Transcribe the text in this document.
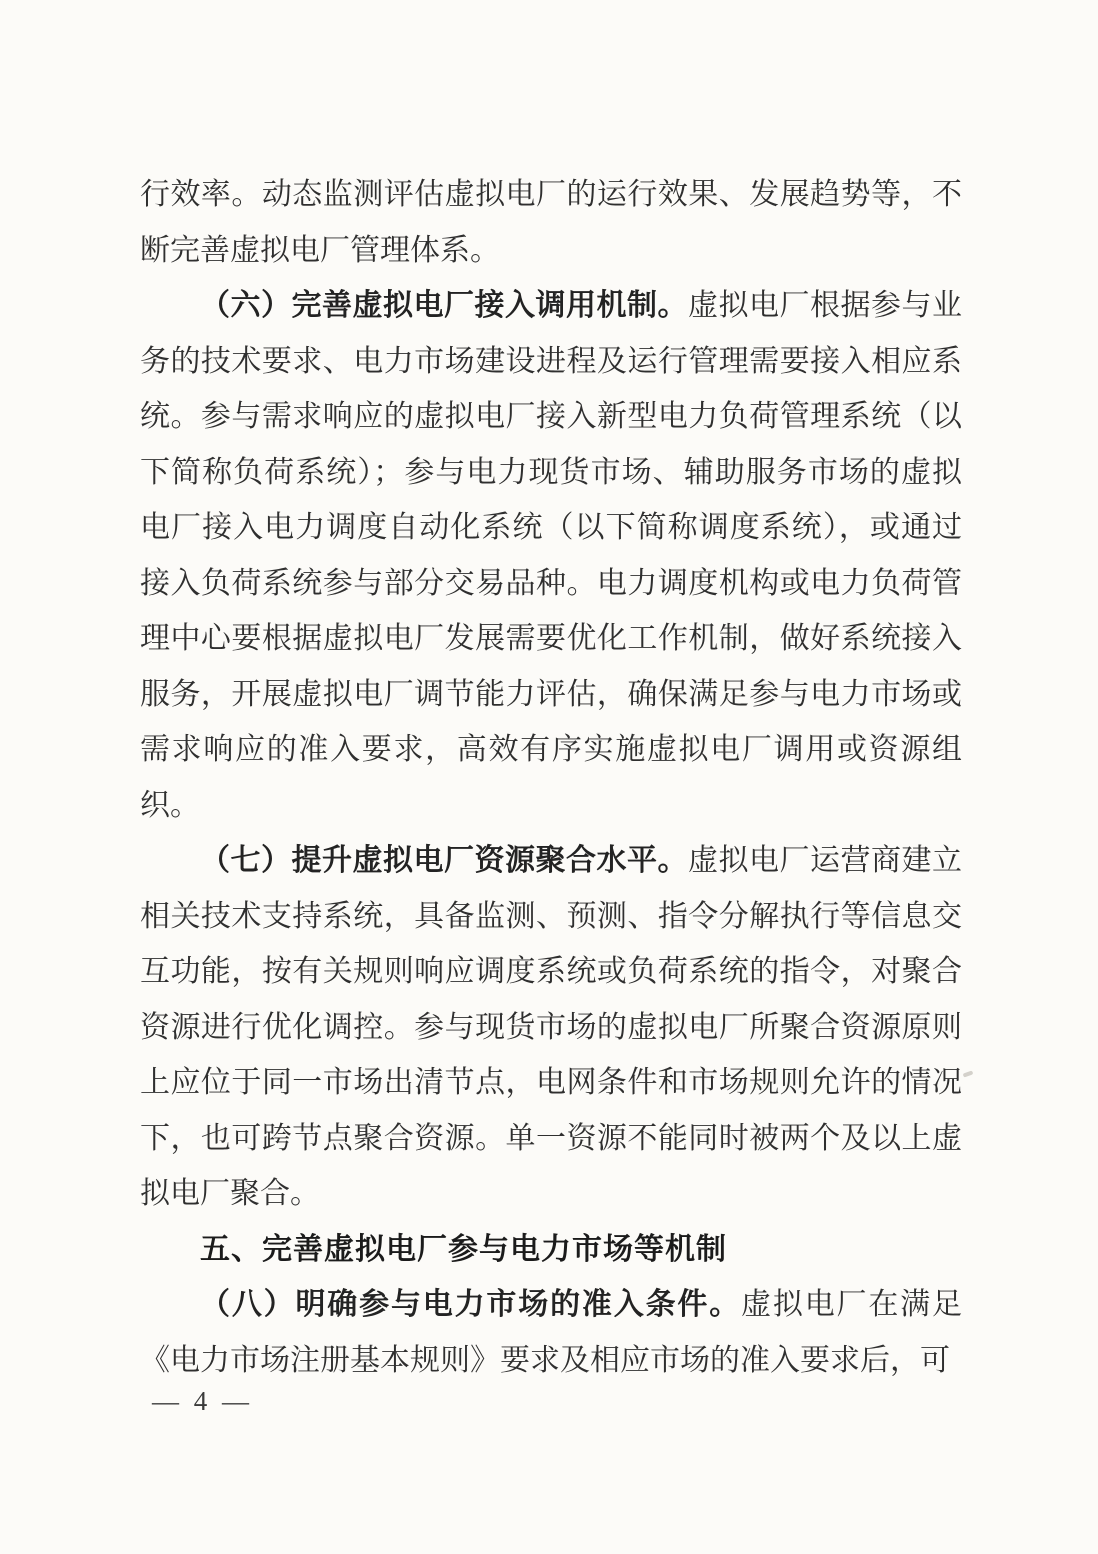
行效率。动态监测评估虚拟电厂的运行效果、发展趋势等，不断完善虚拟电厂管理体系。

（六）完善虚拟电厂接入调用机制。虚拟电厂根据参与业务的技术要求、电力市场建设进程及运行管理需要接入相应系统。参与需求响应的虚拟电厂接入新型电力负荷管理系统（以下简称负荷系统）；参与电力现货市场、辅助服务市场的虚拟电厂接入电力调度自动化系统（以下简称调度系统），或通过接入负荷系统参与部分交易品种。电力调度机构或电力负荷管理中心要根据虚拟电厂发展需要优化工作机制，做好系统接入服务，开展虚拟电厂调节能力评估，确保满足参与电力市场或需求响应的准入要求，高效有序实施虚拟电厂调用或资源组织。

（七）提升虚拟电厂资源聚合水平。虚拟电厂运营商建立相关技术支持系统，具备监测、预测、指令分解执行等信息交互功能，按有关规则响应调度系统或负荷系统的指令，对聚合资源进行优化调控。参与现货市场的虚拟电厂所聚合资源原则上应位于同一市场出清节点，电网条件和市场规则允许的情况下，也可跨节点聚合资源。单一资源不能同时被两个及以上虚拟电厂聚合。

五、完善虚拟电厂参与电力市场等机制

（八）明确参与电力市场的准入条件。虚拟电厂在满足《电力市场注册基本规则》要求及相应市场的准入要求后，可

— 4 —
